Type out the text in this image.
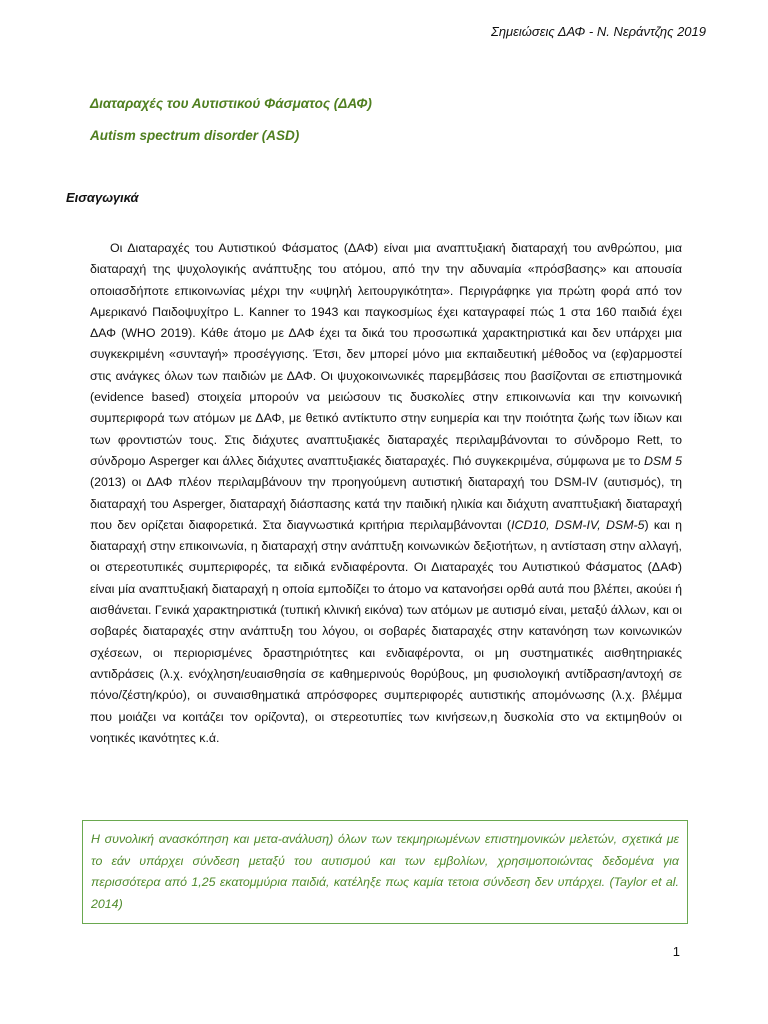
Σημειώσεις ΔΑΦ - Ν. Νεράντζης 2019
Διαταραχές του Αυτιστικού Φάσματος (ΔΑΦ)
Autism spectrum disorder (ASD)
Εισαγωγικά

Οι Διαταραχές του Αυτιστικού Φάσματος (ΔΑΦ) είναι μια αναπτυξιακή διαταραχή του ανθρώπου, μια διαταραχή της ψυχολογικής ανάπτυξης του ατόμου, από την την αδυναμία «πρόσβασης» και απουσία οποιασδήποτε επικοινωνίας μέχρι την «υψηλή λειτουργικότητα». Περιγράφηκε για πρώτη φορά από τον Αμερικανό Παιδοψυχίτρο L. Kanner το 1943 και παγκοσμίως έχει καταγραφεί πώς 1 στα 160 παιδιά έχει ΔΑΦ (WHO 2019). Κάθε άτομο με ΔΑΦ έχει τα δικά του προσωπικά χαρακτηριστικά και δεν υπάρχει μια συγκεκριμένη «συνταγή» προσέγγισης. Έτσι, δεν μπορεί μόνο μια εκπαιδευτική μέθοδος να (εφ)αρμοστεί στις ανάγκες όλων των παιδιών με ΔΑΦ. Οι ψυχοκοινωνικές παρεμβάσεις που βασίζονται σε επιστημονικά (evidence based) στοιχεία μπορούν να μειώσουν τις δυσκολίες στην επικοινωνία και την κοινωνική συμπεριφορά των ατόμων με ΔΑΦ, με θετικό αντίκτυπο στην ευημερία και την ποιότητα ζωής των ίδιων και των φροντιστών τους. Στις διάχυτες αναπτυξιακές διαταραχές περιλαμβάνονται το σύνδρομο Rett, το σύνδρομο Asperger και άλλες διάχυτες αναπτυξιακές διαταραχές. Πιό συγκεκριμένα, σύμφωνα με το DSM 5 (2013) οι ΔΑΦ πλέον περιλαμβάνουν την προηγούμενη αυτιστική διαταραχή του DSM-IV (αυτισμός), τη διαταραχή του Asperger, διαταραχή διάσπασης κατά την παιδική ηλικία και διάχυτη αναπτυξιακή διαταραχή που δεν ορίζεται διαφορετικά. Στα διαγνωστικά κριτήρια περιλαμβάνονται (ICD10, DSM-IV, DSM-5) και η διαταραχή στην επικοινωνία, η διαταραχή στην ανάπτυξη κοινωνικών δεξιοτήτων, η αντίσταση στην αλλαγή, οι στερεοτυπικές συμπεριφορές, τα ειδικά ενδιαφέροντα. Οι Διαταραχές του Αυτιστικού Φάσματος (ΔΑΦ) είναι μία αναπτυξιακή διαταραχή η οποία εμποδίζει το άτομο να κατανοήσει ορθά αυτά που βλέπει, ακούει ή αισθάνεται. Γενικά χαρακτηριστικά (τυπική κλινική εικόνα) των ατόμων με αυτισμό είναι, μεταξύ άλλων, και οι σοβαρές διαταραχές στην ανάπτυξη του λόγου, οι σοβαρές διαταραχές στην κατανόηση των κοινωνικών σχέσεων, οι περιορισμένες δραστηριότητες και ενδιαφέροντα, οι μη συστηματικές αισθητηριακές αντιδράσεις (λ.χ. ενόχληση/ευαισθησία σε καθημερινούς θορύβους, μη φυσιολογική αντίδραση/αντοχή σε πόνο/ζέστη/κρύο), οι συναισθηματικά απρόσφορες συμπεριφορές αυτιστικής απομόνωσης (λ.χ. βλέμμα που μοιάζει να κοιτάζει τον ορίζοντα), οι στερεοτυπίες των κινήσεων,η δυσκολία στο να εκτιμηθούν οι νοητικές ικανότητες κ.ά.

Η συνολική ανασκόπηση και μετα-ανάλυση) όλων των τεκμηριωμένων επιστημονικών μελετών, σχετικά με το εάν υπάρχει σύνδεση μεταξύ του αυτισμού και των εμβολίων, χρησιμοποιώντας δεδομένα για περισσότερα από 1,25 εκατομμύρια παιδιά, κατέληξε πως καμία τετοια σύνδεση δεν υπάρχει. (Taylor et al. 2014)
1
